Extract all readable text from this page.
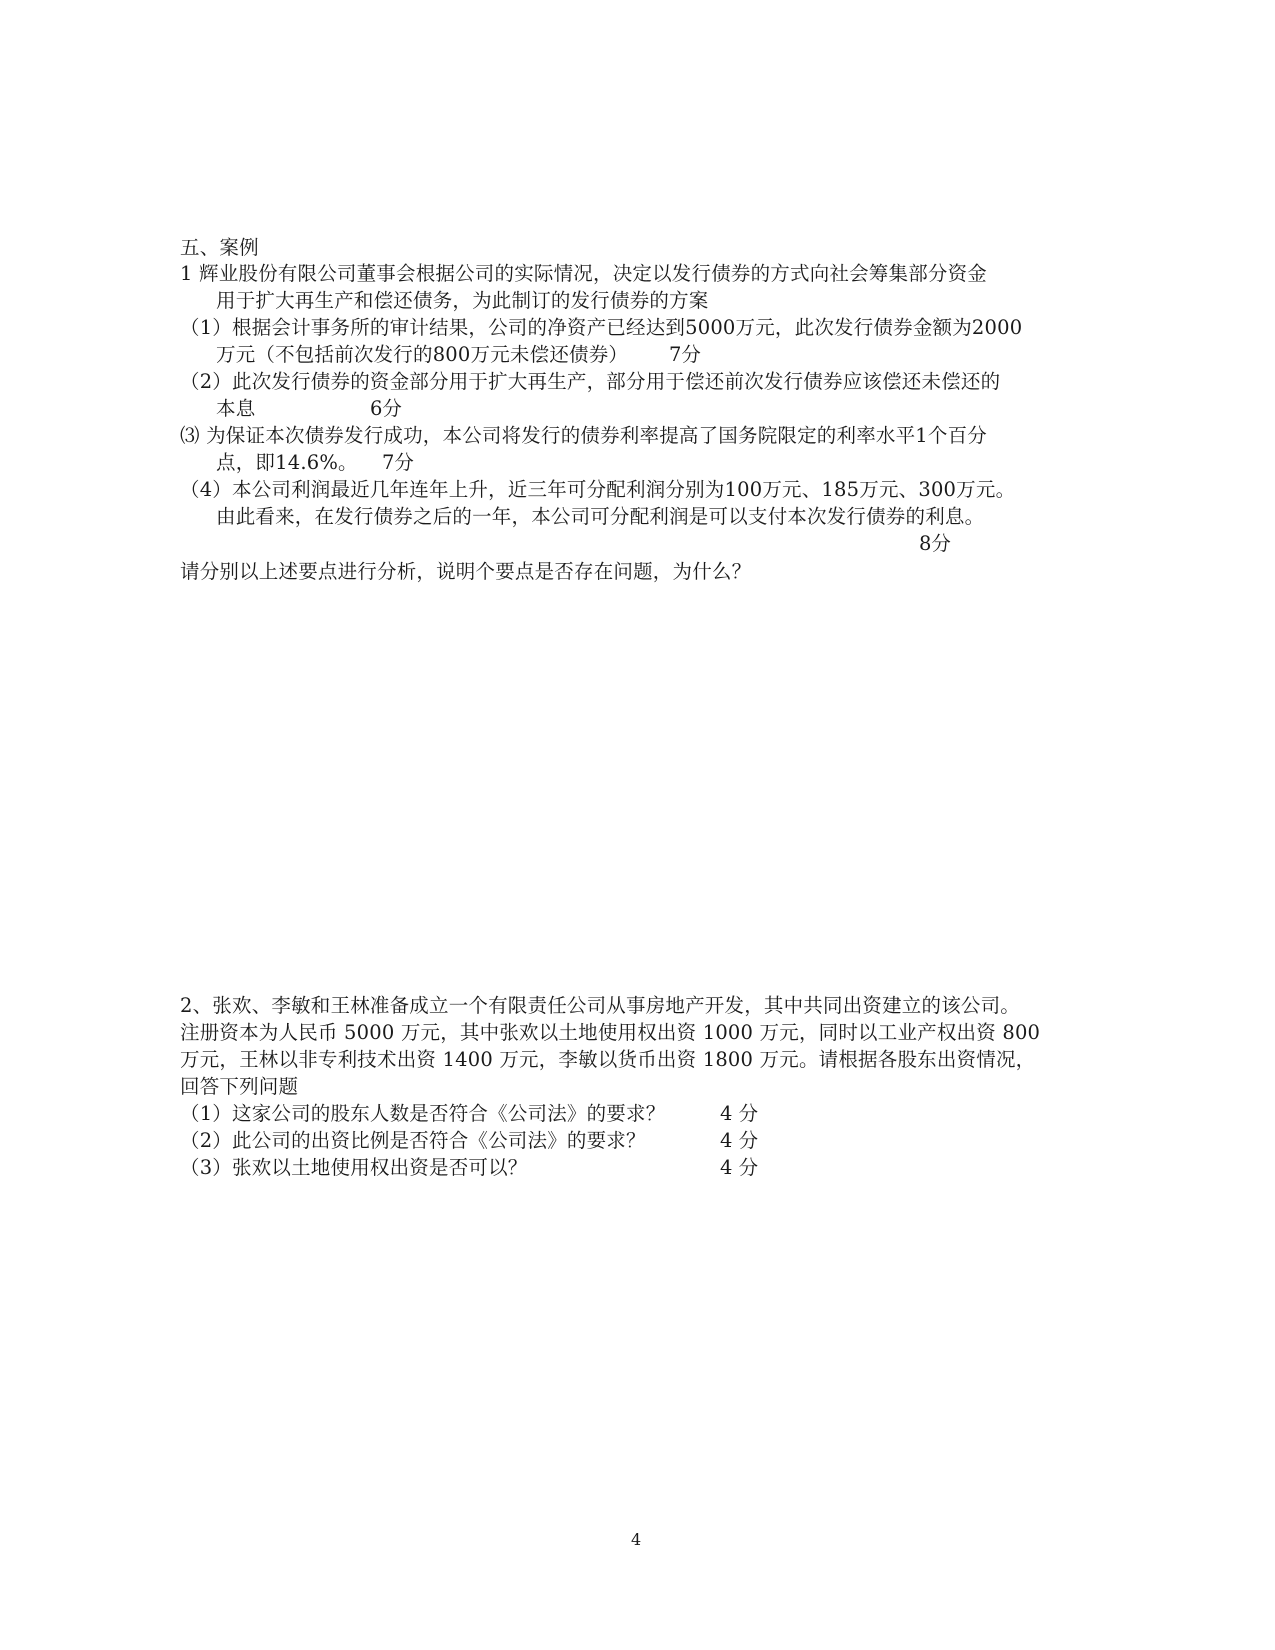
五、案例
1 辉业股份有限公司董事会根据公司的实际情况，决定以发行债券的方式向社会筹集部分资金
用于扩大再生产和偿还债务，为此制订的发行债券的方案
（1）根据会计事务所的审计结果，公司的净资产已经达到5000万元，此次发行债券金额为2000
万元（不包括前次发行的800万元未偿还债券） 7分
（2）此次发行债券的资金部分用于扩大再生产，部分用于偿还前次发行债券应该偿还未偿还的
本息	6分
⑶ 为保证本次债券发行成功，本公司将发行的债券利率提高了国务院限定的利率水平1个百分
点，即14.6%。 7分
（4）本公司利润最近几年连年上升，近三年可分配利润分别为100万元、185万元、300万元。
由此看来，在发行债券之后的一年，本公司可分配利润是可以支付本次发行债券的利息。
8分
请分别以上述要点进行分析，说明个要点是否存在问题，为什么？
2、张欢、李敏和王林准备成立一个有限责任公司从事房地产开发，其中共同出资建立的该公司。
注册资本为人民币 5000 万元，其中张欢以土地使用权出资 1000 万元，同时以工业产权出资 800
万元，王林以非专利技术出资 1400 万元，李敏以货币出资 1800 万元。请根据各股东出资情况，
回答下列问题
（1）这家公司的股东人数是否符合《公司法》的要求？	4 分
（2）此公司的出资比例是否符合《公司法》的要求？	4 分
（3）张欢以土地使用权出资是否可以？	4 分
4
